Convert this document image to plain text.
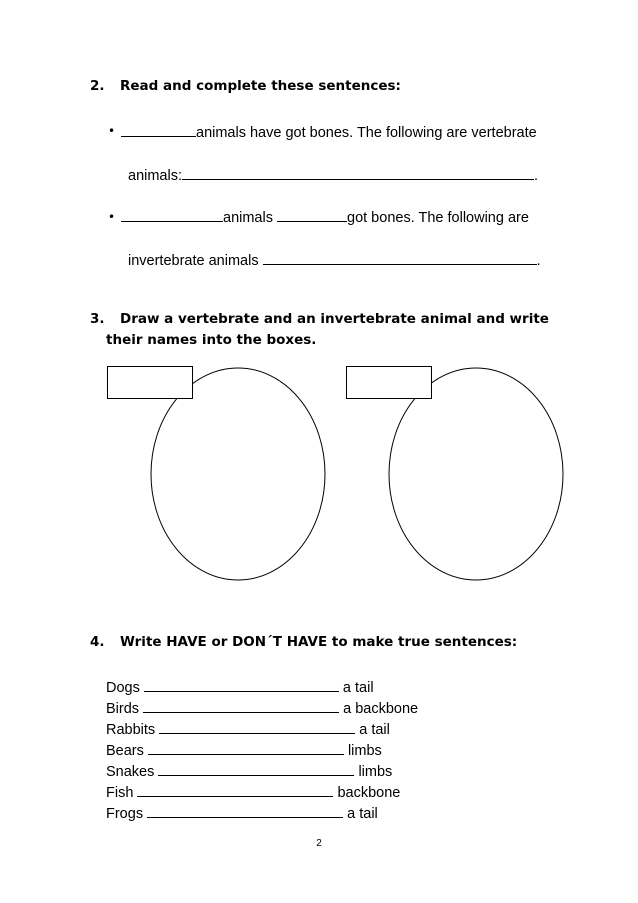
2. Read and complete these sentences:
•	animals have got bones. The following are vertebrate
animals:	.
•	animals	got bones. The following are
invertebrate animals	.
3. Draw a vertebrate and an invertebrate animal and write
their names into the boxes.
4. Write HAVE or DON´T HAVE to make true sentences:
Dogs	a tail
Birds	a backbone
Rabbits	a tail
Bears	limbs
Snakes	limbs
Fish	backbone
Frogs	a tail
2
